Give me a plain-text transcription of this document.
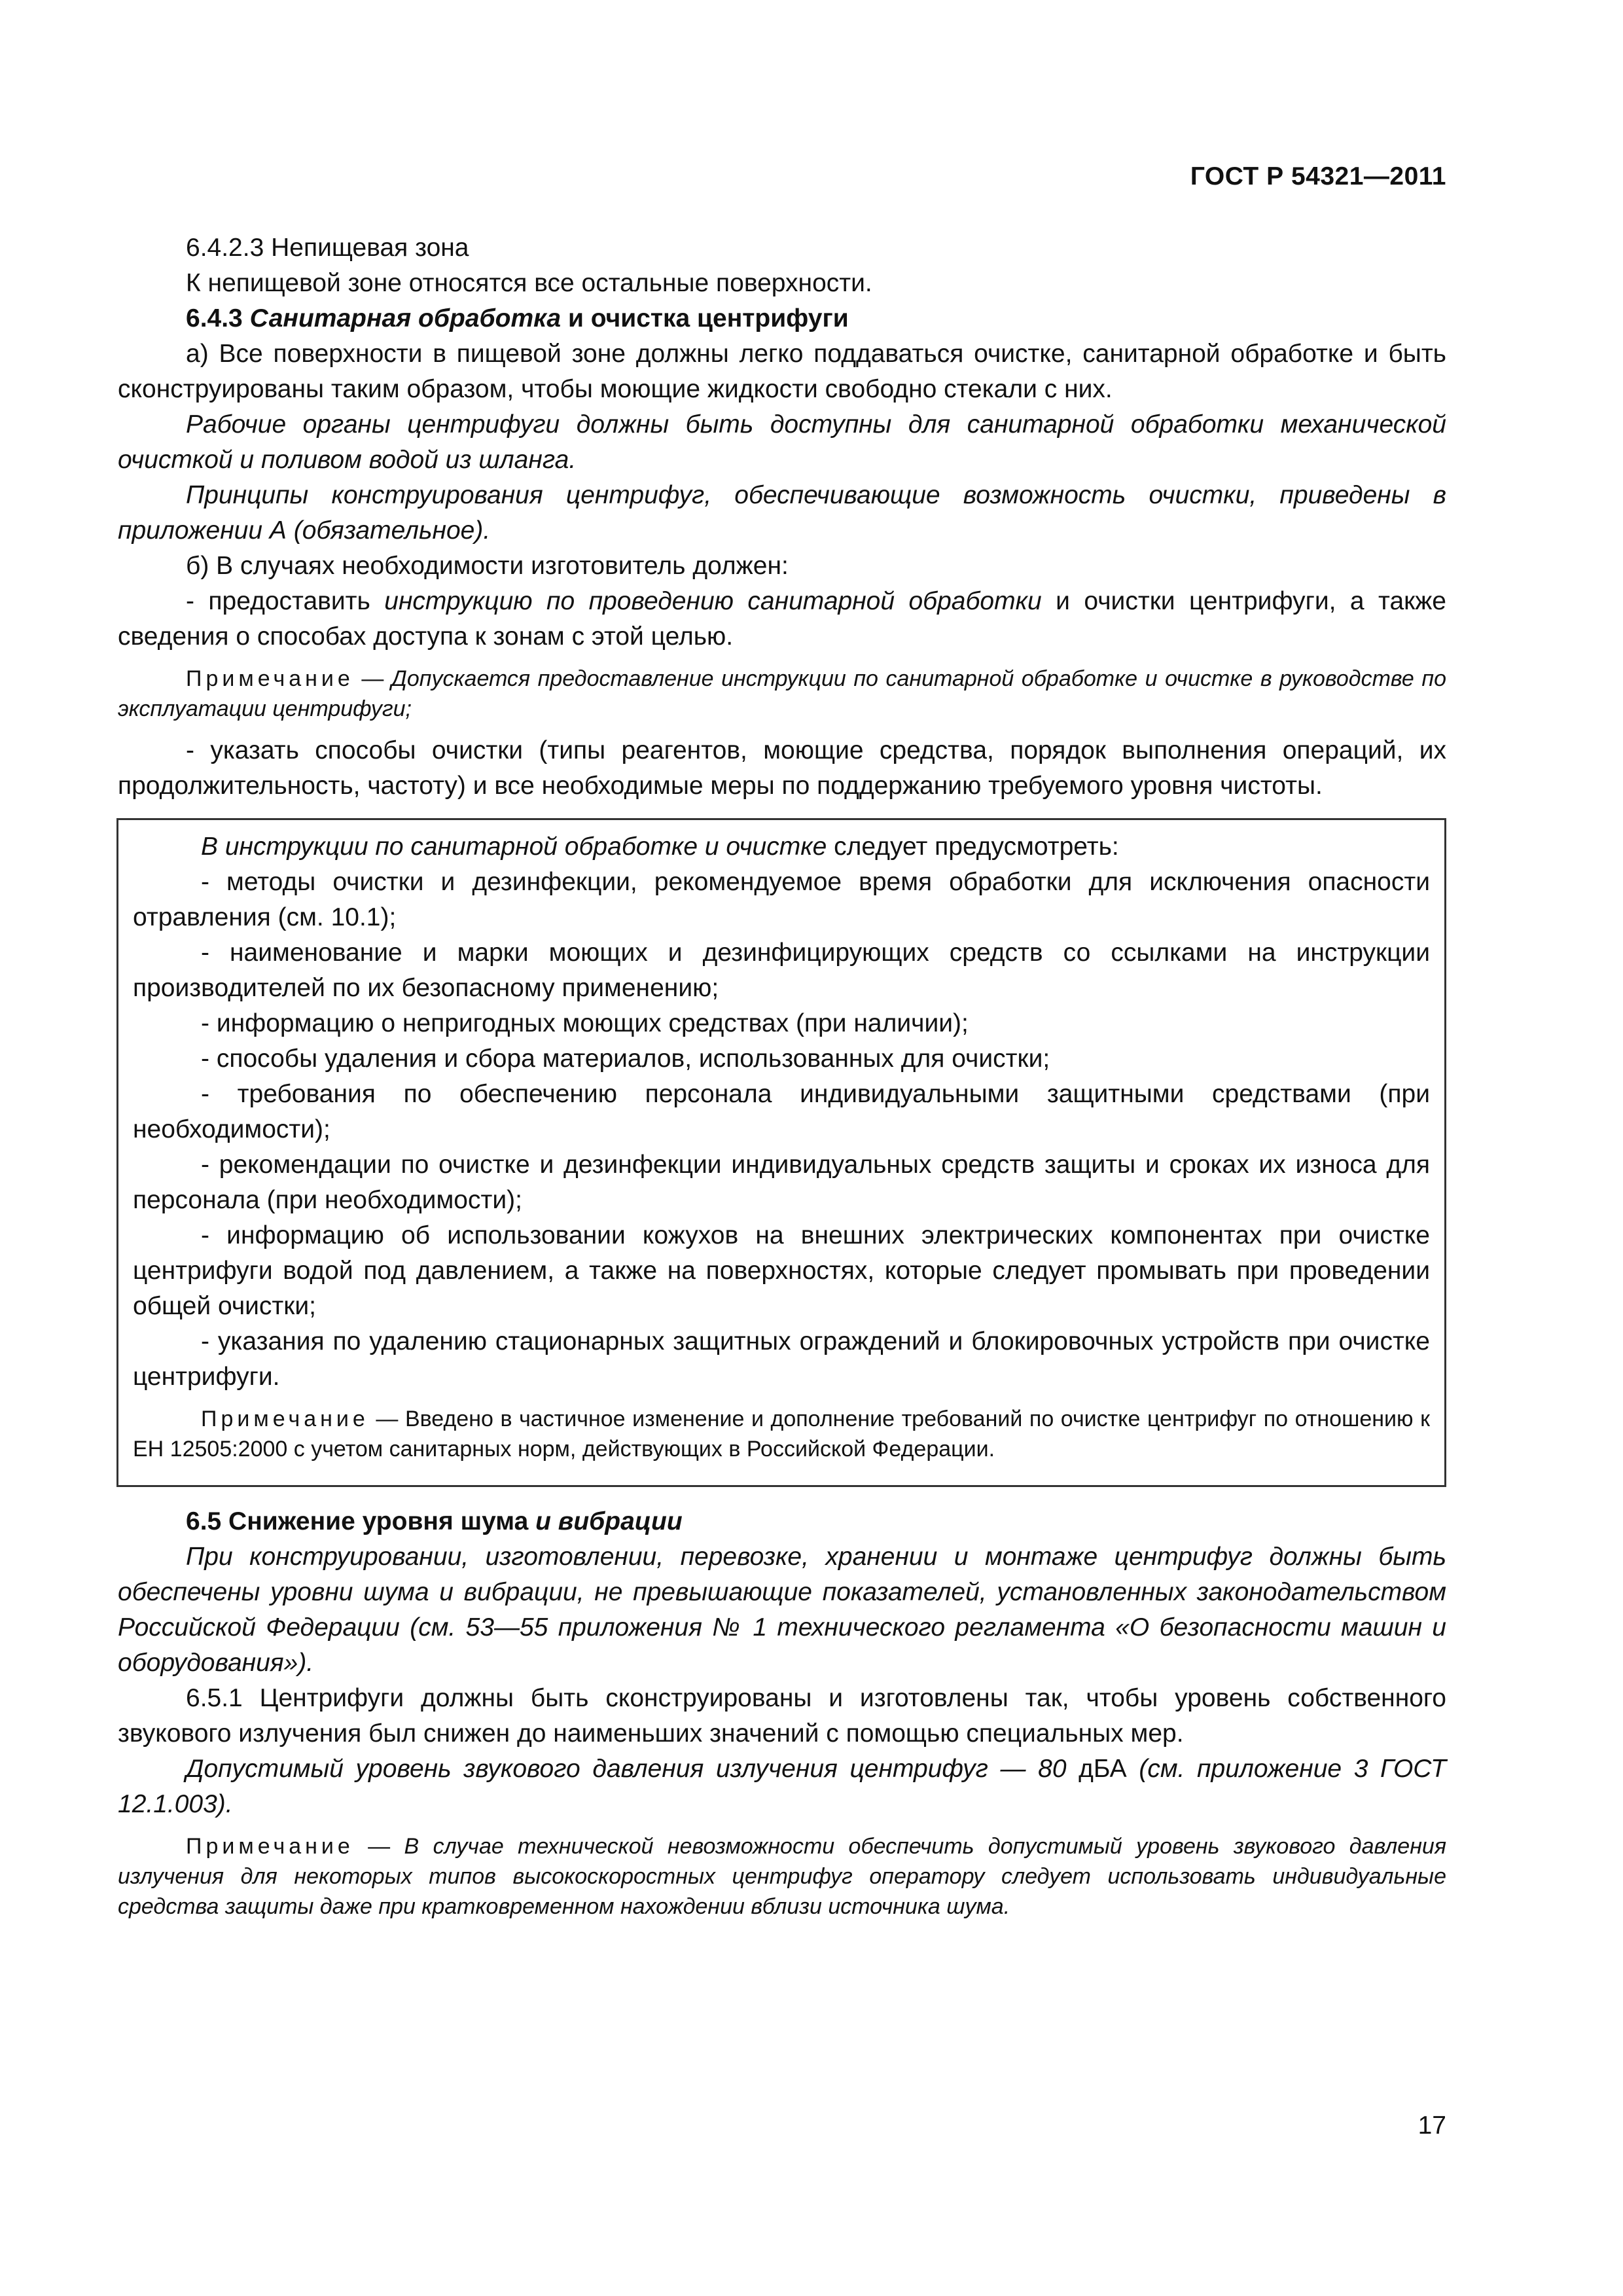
ГОСТ Р 54321—2011

6.4.2.3 Непищевая зона

К непищевой зоне относятся все остальные поверхности.

6.4.3 Санитарная обработка и очистка центрифуги

а) Все поверхности в пищевой зоне должны легко поддаваться очистке, санитарной обработке и быть сконструированы таким образом, чтобы моющие жидкости свободно стекали с них.

Рабочие органы центрифуги должны быть доступны для санитарной обработки механической очисткой и поливом водой из шланга.

Принципы конструирования центрифуг, обеспечивающие возможность очистки, приведены в приложении А (обязательное).

б) В случаях необходимости изготовитель должен:

- предоставить инструкцию по проведению санитарной обработки и очистки центрифуги, а также сведения о способах доступа к зонам с этой целью.

Примечание — Допускается предоставление инструкции по санитарной обработке и очистке в руководстве по эксплуатации центрифуги;

- указать способы очистки (типы реагентов, моющие средства, порядок выполнения операций, их продолжительность, частоту) и все необходимые меры по поддержанию требуемого уровня чистоты.

В инструкции по санитарной обработке и очистке следует предусмотреть:

- методы очистки и дезинфекции, рекомендуемое время обработки для исключения опасности отравления (см. 10.1);

- наименование и марки моющих и дезинфицирующих средств со ссылками на инструкции производителей по их безопасному применению;

- информацию о непригодных моющих средствах (при наличии);

- способы удаления и сбора материалов, использованных для очистки;

- требования по обеспечению персонала индивидуальными защитными средствами (при необходимости);

- рекомендации по очистке и дезинфекции индивидуальных средств защиты и сроках их износа для персонала (при необходимости);

- информацию об использовании кожухов на внешних электрических компонентах при очистке центрифуги водой под давлением, а также на поверхностях, которые следует промывать при проведении общей очистки;

- указания по удалению стационарных защитных ограждений и блокировочных устройств при очистке центрифуги.

Примечание — Введено в частичное изменение и дополнение требований по очистке центрифуг по отношению к ЕН 12505:2000 с учетом санитарных норм, действующих в Российской Федерации.

6.5 Снижение уровня шума и вибрации

При конструировании, изготовлении, перевозке, хранении и монтаже центрифуг должны быть обеспечены уровни шума и вибрации, не превышающие показателей, установленных законодательством Российской Федерации (см. 53—55 приложения № 1 технического регламента «О безопасности машин и оборудования»).

6.5.1 Центрифуги должны быть сконструированы и изготовлены так, чтобы уровень собственного звукового излучения был снижен до наименьших значений с помощью специальных мер.

Допустимый уровень звукового давления излучения центрифуг — 80 дБА (см. приложение 3 ГОСТ 12.1.003).

Примечание — В случае технической невозможности обеспечить допустимый уровень звукового давления излучения для некоторых типов высокоскоростных центрифуг оператору следует использовать индивидуальные средства защиты даже при кратковременном нахождении вблизи источника шума.

17
